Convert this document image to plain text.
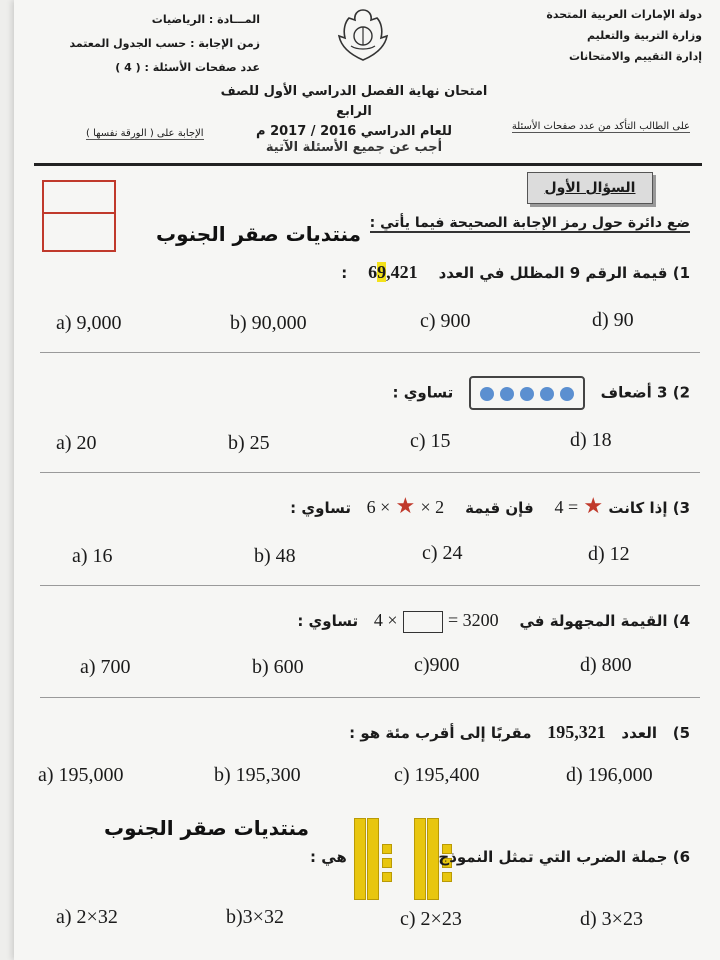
دولة الإمارات العربية المتحدة
وزارة التربية والتعليم
إدارة التقييم والامتحانات
المـــادة : الرياضيات
زمن الإجابة : حسب الجدول المعتمد
عدد صفحات الأسئلة : ( 4 )
امتحان نهاية الفصل الدراسي الأول للصف الرابع
للعام الدراسي 2016 / 2017 م	على الطالب التأكد من عدد صفحات الأسئلة
الإجابة على ( الورقة نفسها )
أجب عن جميع الأسئلة الآتية
السؤال الأول
ضع دائرة حول رمز الإجابة الصحيحة فيما يأتي :
منتديات صقر الجنوب
1) قيمة الرقم 9 المظلل في العدد    69,421    :
a) 9,000	b) 90,000	c) 900	d) 90
2) 3 أضعاف      تساوي :
a) 20	b) 25	c) 15	d) 18
3) إذا كانت ★ = 4    فإن قيمة    2 × ★ × 6   تساوي :
a) 16	b) 48	c) 24	d) 12
4) القيمة المجهولة في    3200 =  × 4   تساوي :
a) 700	b) 600	c)900	d) 800
5)   العدد   195,321   مقربًا إلى أقرب مئة هو :
a) 195,000	b) 195,300	c) 195,400	d) 196,000
منتديات صقر الجنوب
6) جملة الضرب التي تمثل النموذج
هي :
a) 2×32	b)3×32	c) 2×23	d) 3×23
